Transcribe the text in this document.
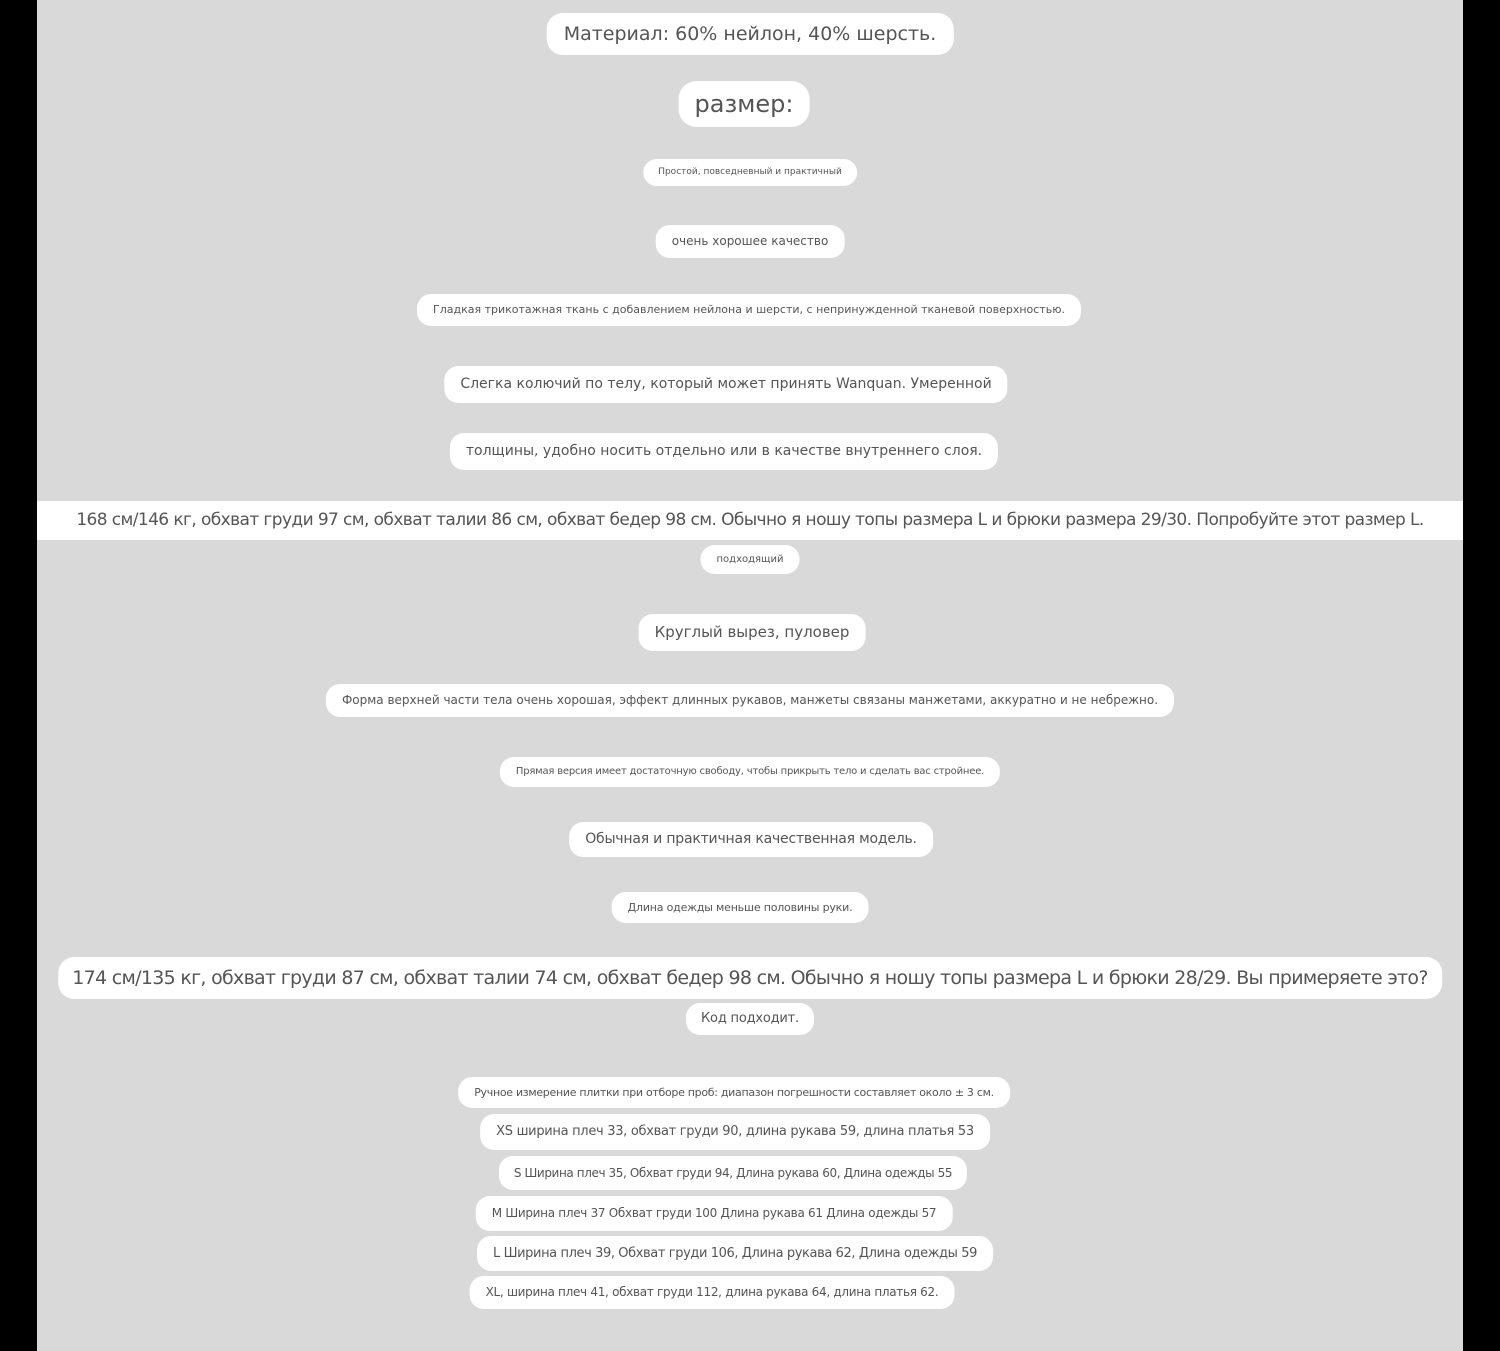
Материал: 60% нейлон, 40% шерсть.
размер:
Простой, повседневный и практичный
очень хорошее качество
Гладкая трикотажная ткань с добавлением нейлона и шерсти, с непринужденной тканевой поверхностью.
Слегка колючий по телу, который может принять Wanquan. Умеренной
толщины, удобно носить отдельно или в качестве внутреннего слоя.
168 см/146 кг, обхват груди 97 см, обхват талии 86 см, обхват бедер 98 см. Обычно я ношу топы размера L и брюки размера 29/30. Попробуйте этот размер L.
подходящий
Круглый вырез, пуловер
Форма верхней части тела очень хорошая, эффект длинных рукавов, манжеты связаны манжетами, аккуратно и не небрежно.
Прямая версия имеет достаточную свободу, чтобы прикрыть тело и сделать вас стройнее.
Обычная и практичная качественная модель.
Длина одежды меньше половины руки.
174 см/135 кг, обхват груди 87 см, обхват талии 74 см, обхват бедер 98 см. Обычно я ношу топы размера L и брюки 28/29. Вы примеряете это?
Код подходит.
Ручное измерение плитки при отборе проб: диапазон погрешности составляет около ± 3 см.
XS ширина плеч 33, обхват груди 90, длина рукава 59, длина платья 53
S Ширина плеч 35, Обхват груди 94, Длина рукава 60, Длина одежды 55
M Ширина плеч 37 Обхват груди 100 Длина рукава 61 Длина одежды 57
L Ширина плеч 39, Обхват груди 106, Длина рукава 62, Длина одежды 59
XL, ширина плеч 41, обхват груди 112, длина рукава 64, длина платья 62.
